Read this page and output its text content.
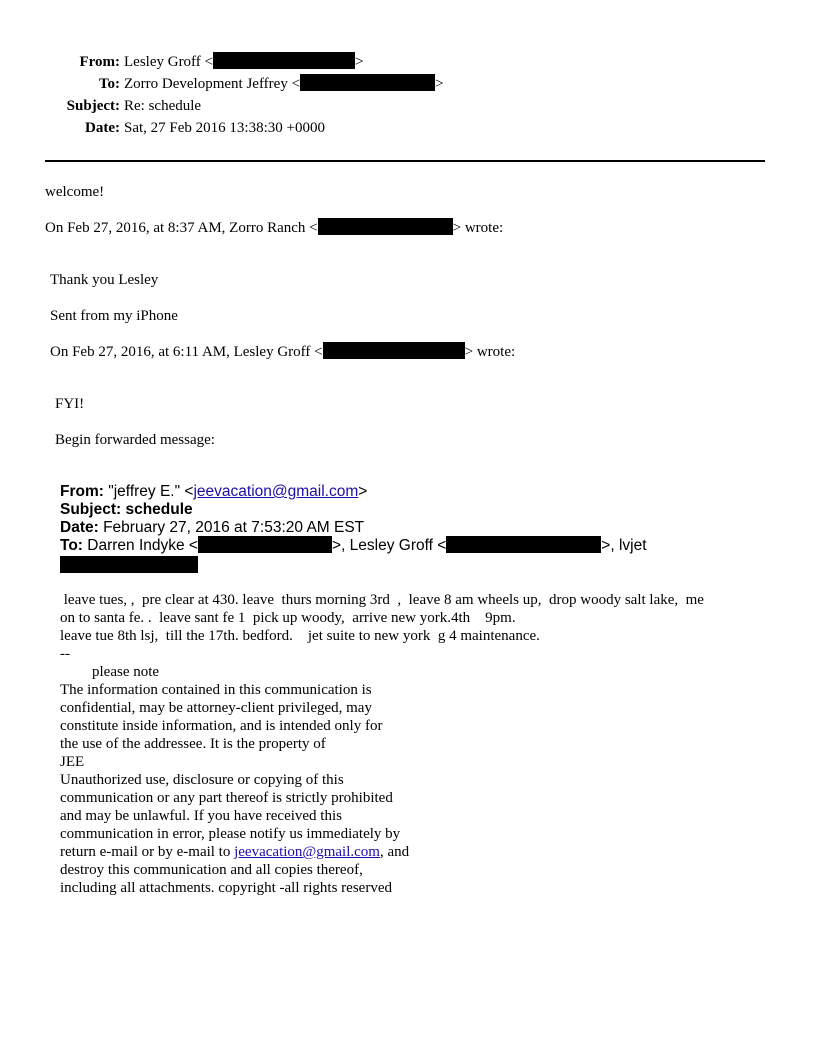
From: Lesley Groff <	>
To: Zorro Development Jeffrey <	>
Subject: Re: schedule
Date: Sat, 27 Feb 2016 13:38:30 +0000
welcome!
On Feb 27, 2016, at 8:37 AM, Zorro Ranch <	> wrote:
Thank you Lesley
Sent from my iPhone
On Feb 27, 2016, at 6:11 AM, Lesley Groff <	> wrote:
FYI!
Begin forwarded message:
From: "jeffrey E." <jeevacation@gmail.com>
Subject: schedule
Date: February 27, 2016 at 7:53:20 AM EST
To: Darren Indyke <	>, Lesley Groff <	>, lvjet
leave tues, ,  pre clear at 430. leave  thurs morning 3rd  ,  leave 8 am wheels up,  drop woody salt lake,  me
on to santa fe. .  leave sant fe 1  pick up woody,  arrive new york.4th    9pm.
leave tue 8th lsj,  till the 17th. bedford.    jet suite to new york  g 4 maintenance.
--
please note
The information contained in this communication is
confidential, may be attorney-client privileged, may
constitute inside information, and is intended only for
the use of the addressee. It is the property of
JEE
Unauthorized use, disclosure or copying of this
communication or any part thereof is strictly prohibited
and may be unlawful. If you have received this
communication in error, please notify us immediately by
return e-mail or by e-mail to jeevacation@gmail.com, and
destroy this communication and all copies thereof,
including all attachments. copyright -all rights reserved
